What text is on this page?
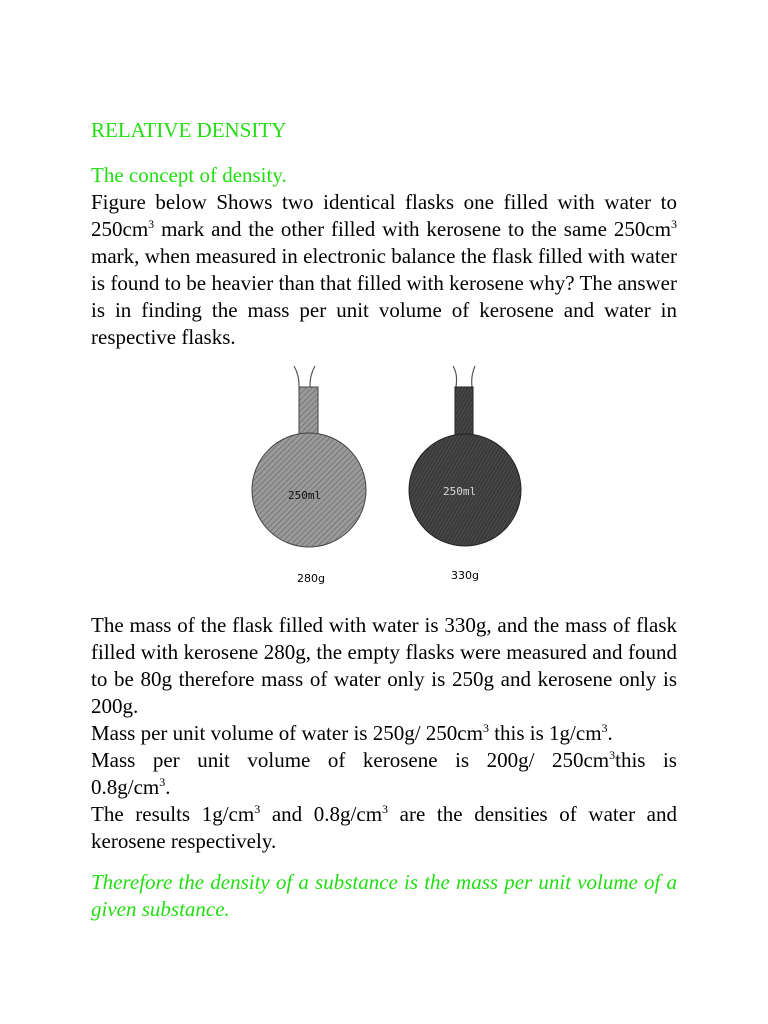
RELATIVE DENSITY
The concept of density.

Figure below Shows two identical flasks one filled with water to $250cm^3$ mark and the other filled with kerosene to the same $250cm^3$ mark, when measured in electronic balance the flask filled with water is found to be heavier than that filled with kerosene why? The answer is in finding the mass per unit volume of kerosene and water in respective flasks.

250ml	250ml
280g	330g

The mass of the flask filled with water is 330g, and the mass of flask filled with kerosene 280g, the empty flasks were measured and found to be 80g therefore mass of water only is 250g and kerosene only is 200g.

Mass per unit volume of water is 250g/ $250cm^3$ this is $1g/cm^3$.

Mass per unit volume of kerosene is 200g/ $250cm^3this$ is

$0.8g/cm^3$.

The results $1g/cm^3$ and $0.8g/cm^3$ are the densities of water and kerosene respectively.

Therefore the density of a substance is the mass per unit volume of a given substance.
